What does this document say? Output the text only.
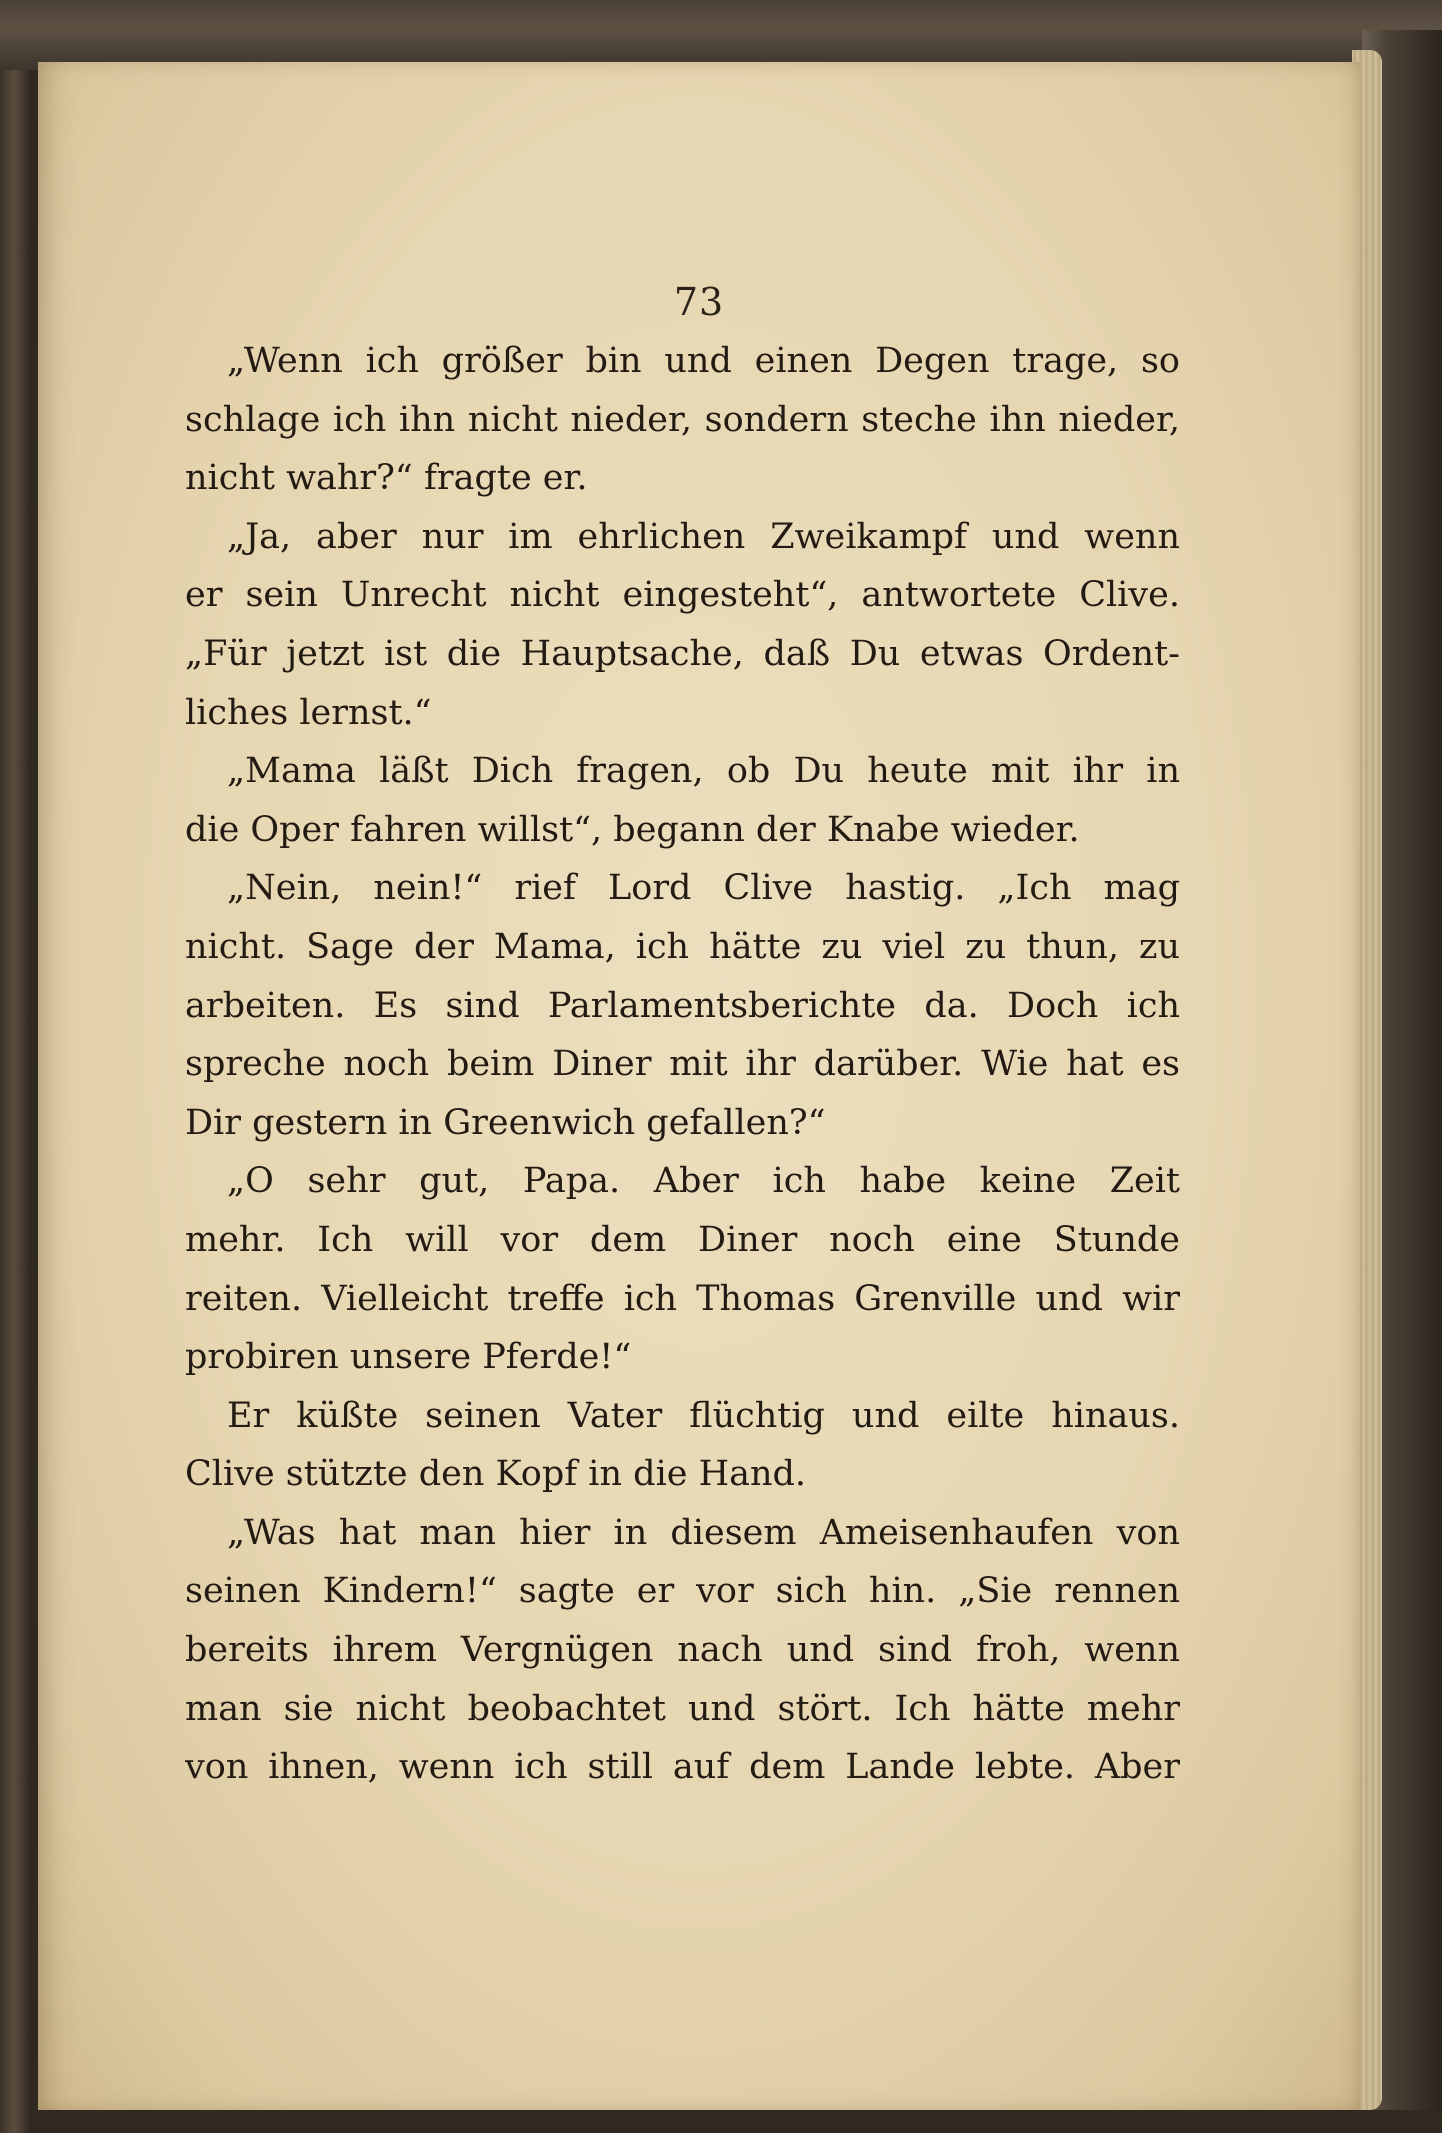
73

„Wenn ich größer bin und einen Degen trage, so
schlage ich ihn nicht nieder, sondern steche ihn nieder,
nicht wahr?“ fragte er.
„Ja, aber nur im ehrlichen Zweikampf und wenn
er sein Unrecht nicht eingesteht“, antwortete Clive.
„Für jetzt ist die Hauptsache, daß Du etwas Ordent-
liches lernst.“
„Mama läßt Dich fragen, ob Du heute mit ihr in
die Oper fahren willst“, begann der Knabe wieder.
„Nein, nein!“ rief Lord Clive hastig. „Ich mag
nicht. Sage der Mama, ich hätte zu viel zu thun, zu
arbeiten. Es sind Parlamentsberichte da. Doch ich
spreche noch beim Diner mit ihr darüber. Wie hat es
Dir gestern in Greenwich gefallen?“
„O sehr gut, Papa. Aber ich habe keine Zeit
mehr. Ich will vor dem Diner noch eine Stunde
reiten. Vielleicht treffe ich Thomas Grenville und wir
probiren unsere Pferde!“
Er küßte seinen Vater flüchtig und eilte hinaus.
Clive stützte den Kopf in die Hand.
„Was hat man hier in diesem Ameisenhaufen von
seinen Kindern!“ sagte er vor sich hin. „Sie rennen
bereits ihrem Vergnügen nach und sind froh, wenn
man sie nicht beobachtet und stört. Ich hätte mehr
von ihnen, wenn ich still auf dem Lande lebte. Aber
